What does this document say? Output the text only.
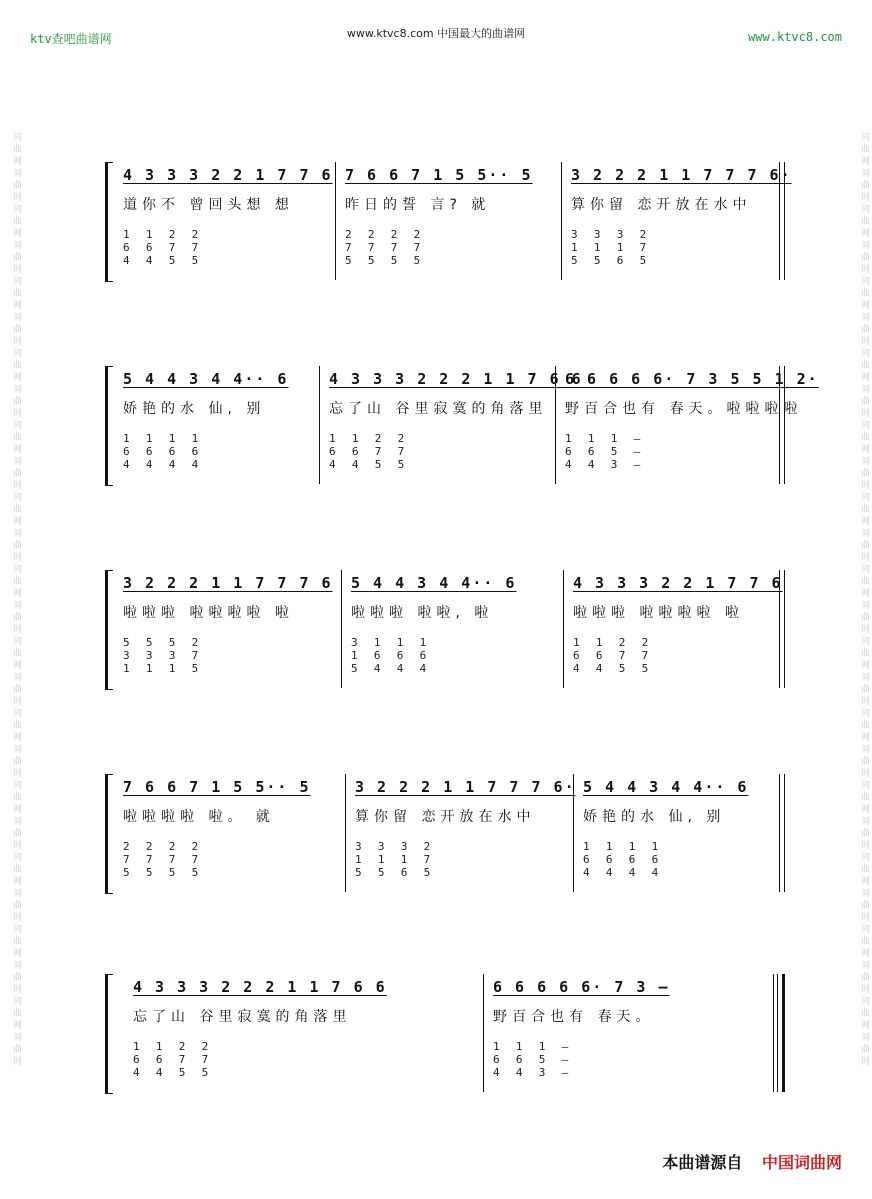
词曲网词曲网词曲网词曲网词曲网词曲网词曲网词曲网词曲网词曲网词曲网词曲网词曲网词曲网词曲网词曲网词曲网词曲网词曲网词曲网词曲网词曲网词曲网词曲网词曲网词曲网	词曲网词曲网词曲网词曲网词曲网词曲网词曲网词曲网词曲网词曲网词曲网词曲网词曲网词曲网词曲网词曲网词曲网词曲网词曲网词曲网词曲网词曲网词曲网词曲网词曲网词曲网
ktv查吧曲谱网	www.ktvc8.com 中国最大的曲谱网	www.ktvc8.com
4 3 3 3 2 2 1 7 7 6
道你不 曾回头想 想
1  1  2  2
6  6  7  7
4  4  5  5
7 6 6 7 1 5 5·· 5
昨日的誓 言? 就
2  2  2  2
7  7  7  7
5  5  5  5
3 2 2 2 1 1 7 7 7 6·
算你留 恋开放在水中
3  3  3  2
1  1  1  7
5  5  6  5
5 4 4 3 4 4·· 6
娇艳的水 仙, 别
1  1  1  1
6  6  6  6
4  4  4  4
4 3 3 3 2 2 2 1 1 7 6 6
忘了山 谷里寂寞的角落里
1  1  2  2
6  6  7  7
4  4  5  5
6 6 6 6 6· 7 3 5 5 1 2·
野百合也有 春天。啦啦啦啦
1  1  1  —
6  6  5  —
4  4  3  —
3 2 2 2 1 1 7 7 7 6
啦啦啦 啦啦啦啦 啦
5  5  5  2
3  3  3  7
1  1  1  5
5 4 4 3 4 4·· 6
啦啦啦 啦啦, 啦
3  1  1  1
1  6  6  6
5  4  4  4
4 3 3 3 2 2 1 7 7 6
啦啦啦 啦啦啦啦 啦
1  1  2  2
6  6  7  7
4  4  5  5
7 6 6 7 1 5 5·· 5
啦啦啦啦 啦。 就
2  2  2  2
7  7  7  7
5  5  5  5
3 2 2 2 1 1 7 7 7 6·
算你留 恋开放在水中
3  3  3  2
1  1  1  7
5  5  6  5
5 4 4 3 4 4·· 6
娇艳的水 仙, 别
1  1  1  1
6  6  6  6
4  4  4  4
4 3 3 3 2 2 2 1 1 7 6 6
忘了山 谷里寂寞的角落里
1  1  2  2
6  6  7  7
4  4  5  5
6 6 6 6 6· 7 3 —
野百合也有 春天。
1  1  1  —
6  6  5  —
4  4  3  —
本曲谱源自 中国词曲网
